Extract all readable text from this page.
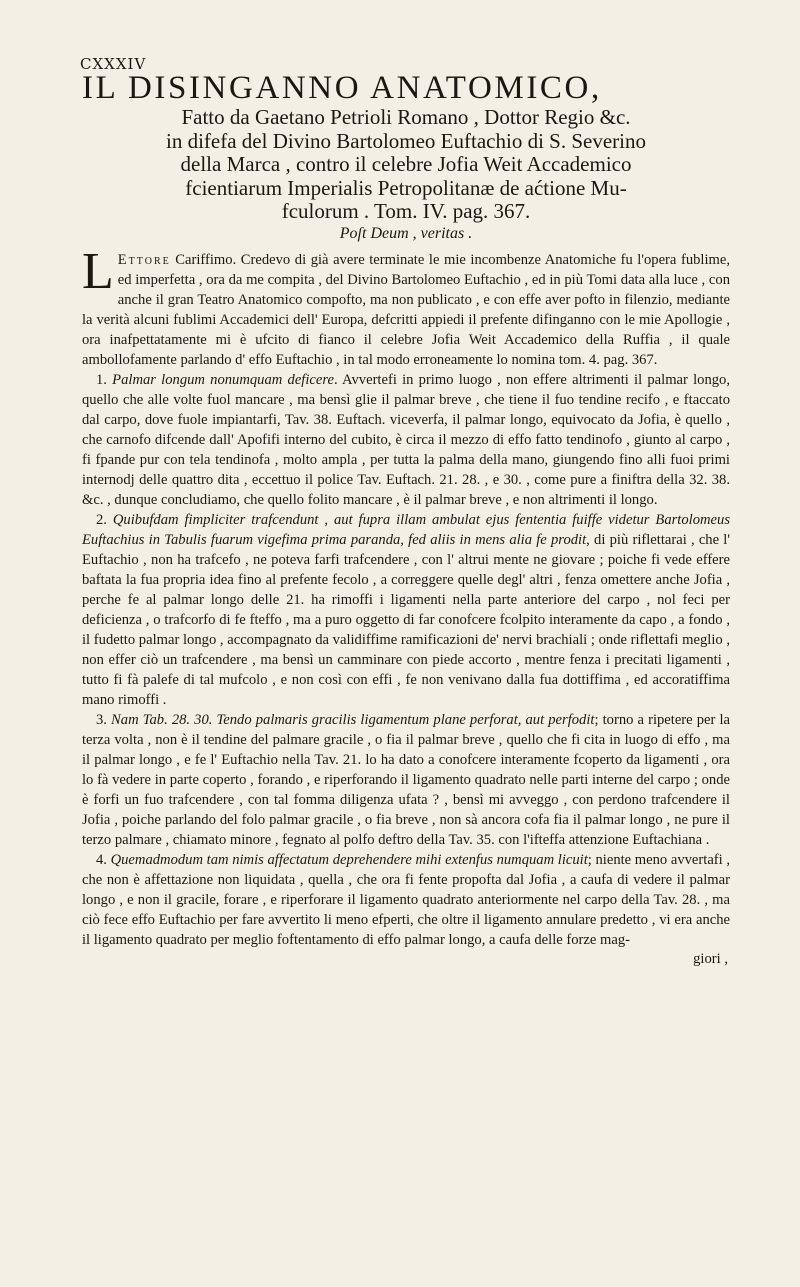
CXXXIV
IL DISINGANNO ANATOMICO,
Fatto da Gaetano Petrioli Romano , Dottor Regio &c.
in difefa del Divino Bartolomeo Euftachio di S. Severino
della Marca , contro il celebre Jofia Weit Accademico
fcientiarum Imperialis Petropolitanæ de aćtione Mu-
fculorum . Tom. IV. pag. 367.
Poſt Deum , veritas .

L Ettore Cariffimo. Credevo di già avere terminate le mie incombenze Anatomiche fu l'opera fublime, ed imperfetta , ora da me compita , del Divino Bartolomeo Euftachio , ed in più Tomi data alla luce , con anche il gran Teatro Anatomico compofto, ma non publicato , e con effe aver pofto in filenzio, mediante la verità alcuni fublimi Accademici dell' Europa, defcritti appiedi il prefente difinganno con le mie Apollogie , ora inafpettatamente mi è ufcito di fianco il celebre Jofia Weit Accademico della Ruffia , il quale ambollofamente parlando d' effo Euftachio , in tal modo erroneamente lo nomina tom. 4. pag. 367.

1. Palmar longum nonumquam deficere. Avvertefi in primo luogo , non effere altrimenti il palmar longo, quello che alle volte fuol mancare , ma bensì glie il palmar breve , che tiene il fuo tendine recifo , e ftaccato dal carpo, dove fuole impiantarfi, Tav. 38. Euftach. viceverfa, il palmar longo, equivocato da Jofia, è quello , che carnofo difcende dall' Apofifi interno del cubito, è circa il mezzo di effo fatto tendinofo , giunto al carpo , fi fpande pur con tela tendinofa , molto ampla , per tutta la palma della mano, giungendo fino alli fuoi primi internodj delle quattro dita , eccettuo il police Tav. Euftach. 21. 28. , e 30. , come pure a finiftra della 32. 38. &c. , dunque concludiamo, che quello folito mancare , è il palmar breve , e non altrimenti il longo.

2. Quibufdam fimpliciter trafcendunt , aut fupra illam ambulat ejus fententia fuiffe videtur Bartolomeus Euftachius in Tabulis fuarum vigefima prima paranda, fed aliis in mens alia fe prodit, di più riflettarai , che l' Euftachio , non ha trafcefo , ne poteva farfi trafcendere , con l' altrui mente ne giovare ; poiche fi vede effere baftata la fua propria idea fino al prefente fecolo , a correggere quelle degl' altri , fenza omettere anche Jofia , perche fe al palmar longo delle 21. ha rimoffi i ligamenti nella parte anteriore del carpo , nol feci per deficienza , o trafcorfo di fe fteffo , ma a puro oggetto di far conofcere fcolpito interamente da capo , a fondo , il fudetto palmar longo , accompagnato da validiffime ramificazioni de' nervi brachiali ; onde riflettafi meglio , non effer ciò un trafcendere , ma bensì un camminare con piede accorto , mentre fenza i precitati ligamenti , tutto fi fà palefe di tal mufcolo , e non così con effi , fe non venivano dalla fua dottiffima , ed accoratiffima mano rimoffi .

3. Nam Tab. 28. 30. Tendo palmaris gracilis ligamentum plane perforat, aut perfodit; torno a ripetere per la terza volta , non è il tendine del palmare gracile , o fia il palmar breve , quello che fi cita in luogo di effo , ma il palmar longo , e fe l' Euftachio nella Tav. 21. lo ha dato a conofcere interamente fcoperto da ligamenti , ora lo fà vedere in parte coperto , forando , e riperforando il ligamento quadrato nelle parti interne del carpo ; onde è forfi un fuo trafcendere , con tal fomma diligenza ufata ? , bensì mi avveggo , con perdono trafcendere il Jofia , poiche parlando del folo palmar gracile , o fia breve , non sà ancora cofa fia il palmar longo , ne pure il terzo palmare , chiamato minore , fegnato al polfo deftro della Tav. 35. con l'ifteffa attenzione Euftachiana .

4. Quemadmodum tam nimis affectatum deprehendere mihi extenfus numquam licuit; niente meno avvertafi , che non è affettazione non liquidata , quella , che ora fi fente propofta dal Jofia , a caufa di vedere il palmar longo , e non il gracile, forare , e riperforare il ligamento quadrato anteriormente nel carpo della Tav. 28. , ma ciò fece effo Euftachio per fare avvertito li meno efperti, che oltre il ligamento annulare predetto , vi era anche il ligamento quadrato per meglio foftentamento di effo palmar longo, a caufa delle forze mag-

giori ,
